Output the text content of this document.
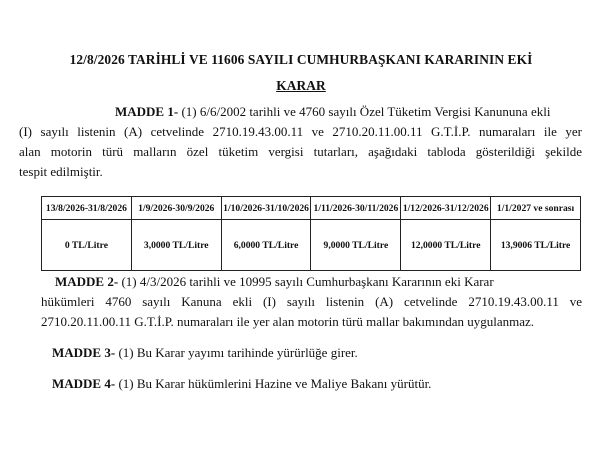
12/8/2026 TARİHLİ VE 11606 SAYILI CUMHURBAŞKANI KARARININ EKİ
KARAR
MADDE 1- (1) 6/6/2002 tarihli ve 4760 sayılı Özel Tüketim Vergisi Kanununa ekli
(I) sayılı listenin (A) cetvelinde 2710.19.43.00.11 ve 2710.20.11.00.11 G.T.İ.P. numaraları ile yer
alan motorin türü malların özel tüketim vergisi tutarları, aşağıdaki tabloda gösterildiği şekilde
tespit edilmiştir.
13/8/2026-31/8/2026	1/9/2026-30/9/2026	1/10/2026-31/10/2026	1/11/2026-30/11/2026	1/12/2026-31/12/2026	1/1/2027 ve sonrası
0 TL/Litre	3,0000 TL/Litre	6,0000 TL/Litre	9,0000 TL/Litre	12,0000 TL/Litre	13,9006 TL/Litre
MADDE 2- (1) 4/3/2026 tarihli ve 10995 sayılı Cumhurbaşkanı Kararının eki Karar
hükümleri 4760 sayılı Kanuna ekli (I) sayılı listenin (A) cetvelinde 2710.19.43.00.11 ve
2710.20.11.00.11 G.T.İ.P. numaraları ile yer alan motorin türü mallar bakımından uygulanmaz.
MADDE 3- (1) Bu Karar yayımı tarihinde yürürlüğe girer.
MADDE 4- (1) Bu Karar hükümlerini Hazine ve Maliye Bakanı yürütür.
